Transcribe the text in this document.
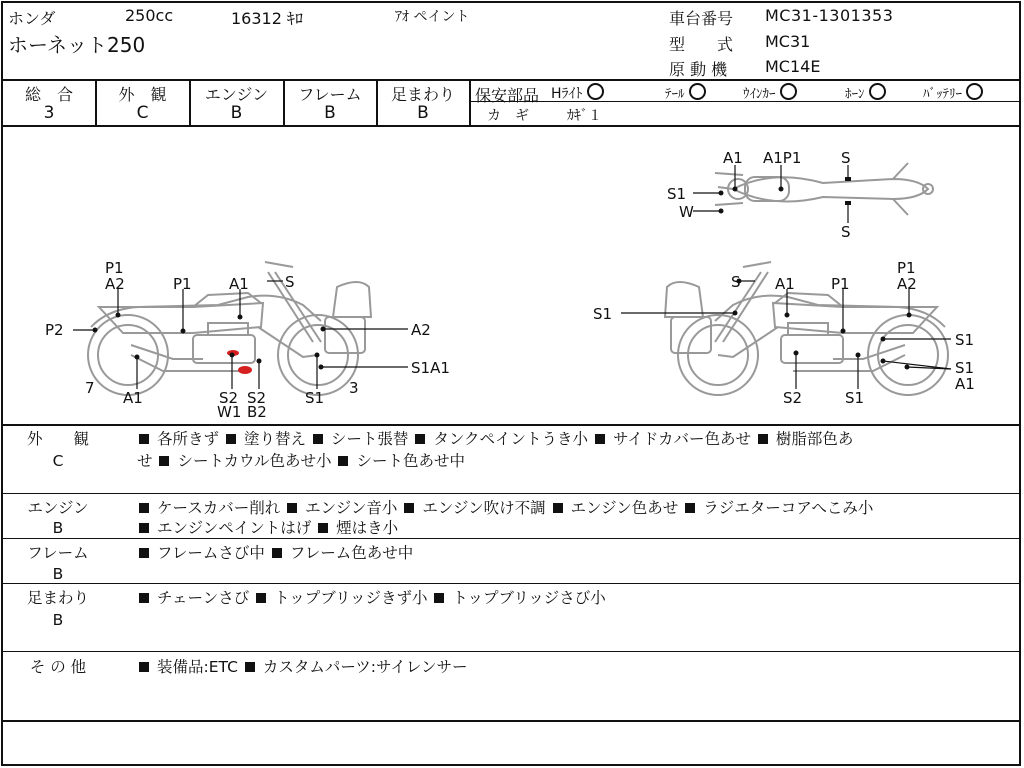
ホンダ	250cc	16312 ｷﾛ	ｱｵ ペイント
ホーネット250
車台番号 MC31-1301353
型　　式 MC31
原 動 機 MC14E
総　合
3
外　観
C
エンジン
B
フレーム
B
足まわり
B
保安部品 Hﾗｲﾄ	ﾃｰﾙ	ｳｲﾝｶｰ	ﾎｰﾝ	ﾊﾞｯﾃﾘｰ
カ　ギ	ｶｷﾞ１
A1 A1P1	S
S1
W
S
P1
A2	P1 A1 S
P2	A2
S1A1
7
A1	S2
W1
S2
B2
S1
3
S A1 P1
P1
A2
S1
S1
S1
A1
S2	S1
外　　観
C
各所きず 塗り替え シート張替 タンクペイントうき小 サイドカバー色あせ 樹脂部色あ
せ シートカウル色あせ小 シート色あせ中
エンジン
B
ケースカバー削れ エンジン音小 エンジン吹け不調 エンジン色あせ ラジエターコアへこみ小
エンジンペイントはげ 煙はき小
フレーム
B
フレームさび中 フレーム色あせ中
足まわり
B
チェーンさび トップブリッジきず小 トップブリッジさび小
そ の 他	装備品:ETC カスタムパーツ:サイレンサー
